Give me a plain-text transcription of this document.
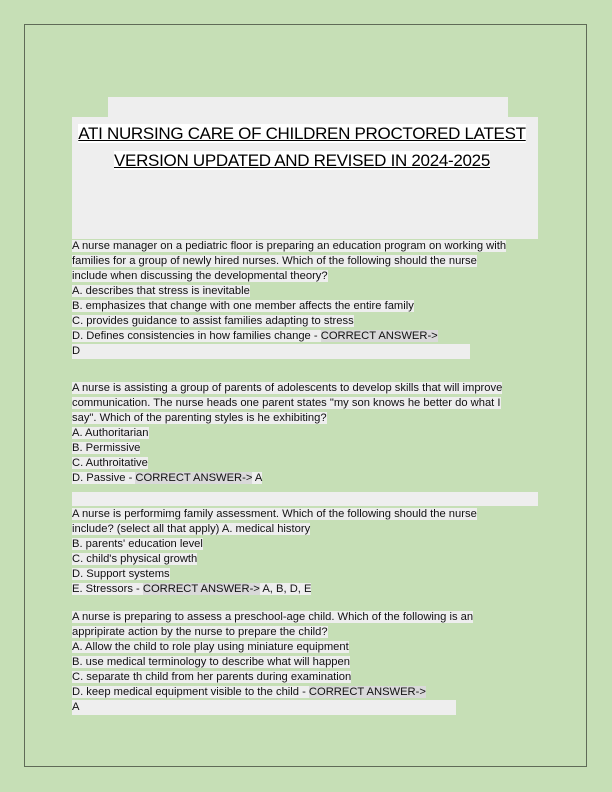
ATI NURSING CARE OF CHILDREN PROCTORED LATEST
VERSION UPDATED AND REVISED IN 2024-2025
A nurse manager on a pediatric floor is preparing an education program on working with
families for a group of newly hired nurses. Which of the following should the nurse
include when discussing the developmental theory?
A. describes that stress is inevitable
B. emphasizes that change with one member affects the entire family
C. provides guidance to assist families adapting to stress
D. Defines consistencies in how families change - CORRECT ANSWER->
D
A nurse is assisting a group of parents of adolescents to develop skills that will improve
communication. The nurse heads one parent states "my son knows he better do what I
say". Which of the parenting styles is he exhibiting?
A. Authoritarian
B. Permissive
C. Authroitative
D. Passive - CORRECT ANSWER-> A
A nurse is performimg family assessment. Which of the following should the nurse
include? (select all that apply) A. medical history
B. parents' education level
C. child's physical growth
D. Support systems
E. Stressors - CORRECT ANSWER-> A, B, D, E
A nurse is preparing to assess a preschool-age child. Which of the following is an
appripirate action by the nurse to prepare the child?
A. Allow the child to role play using miniature equipment
B. use medical terminology to describe what will happen
C. separate th child from her parents during examination
D. keep medical equipment visible to the child - CORRECT ANSWER->
A
